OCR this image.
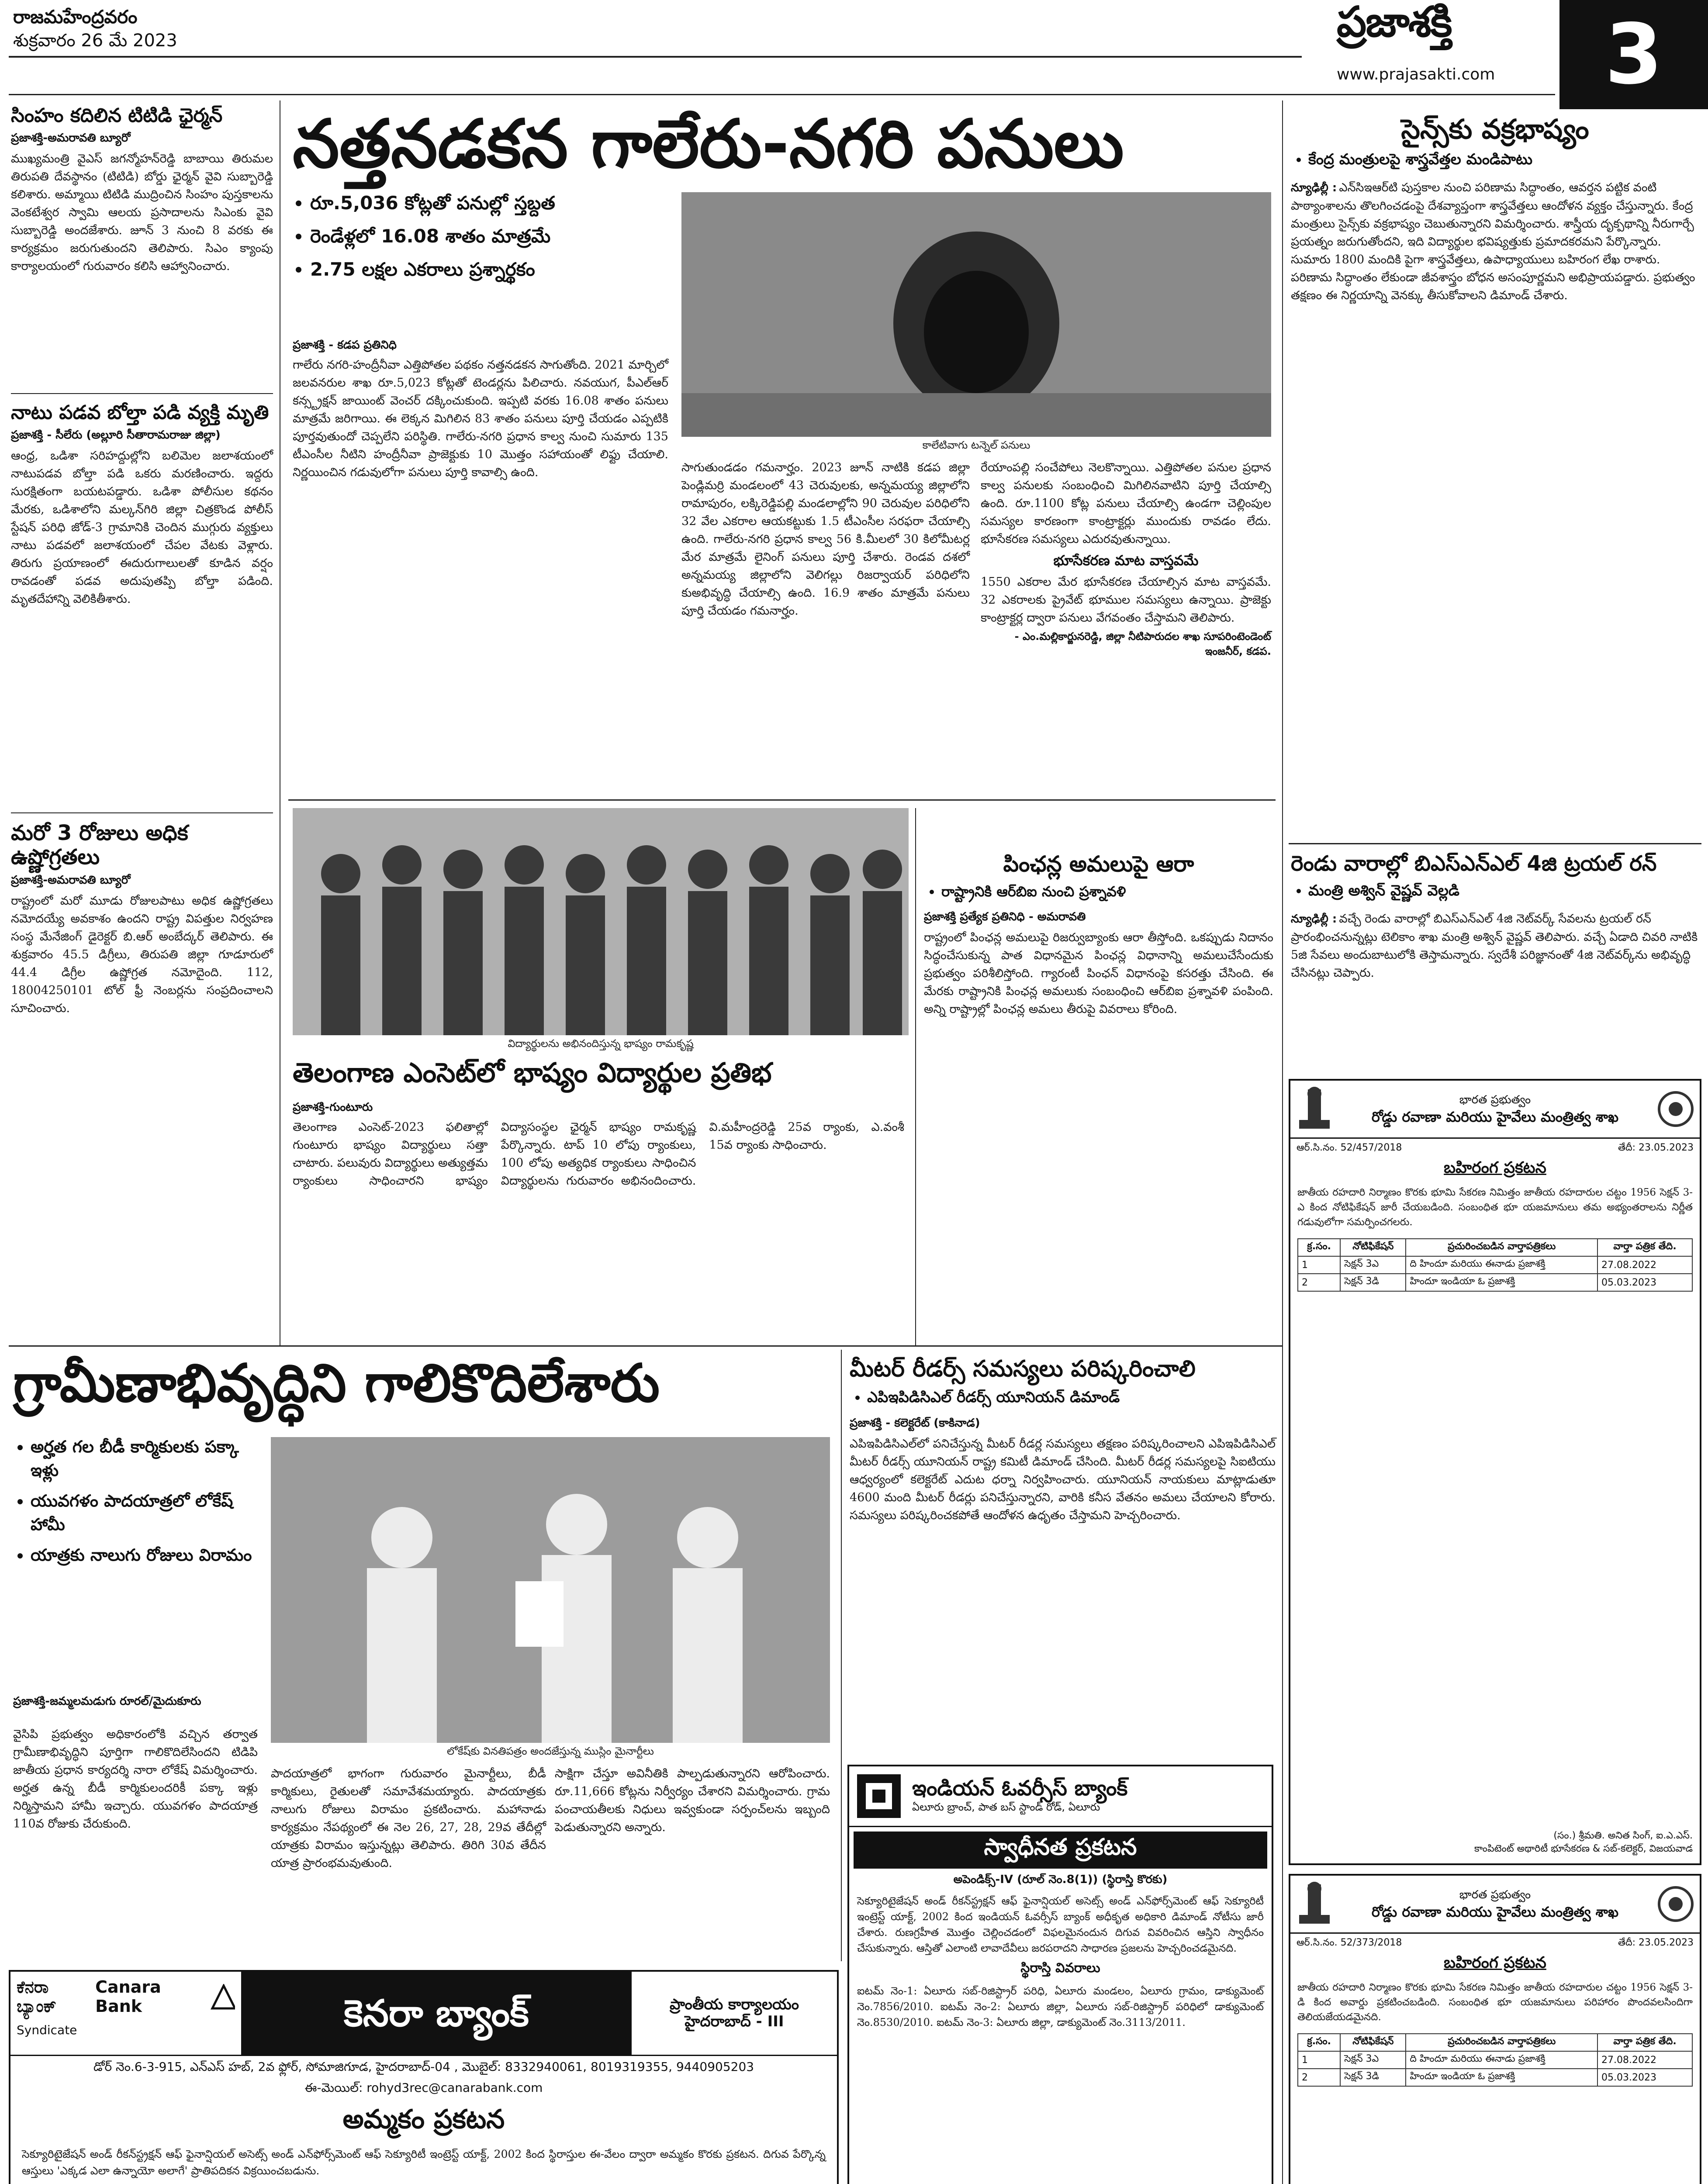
రాజమహేంద్రవరం
శుక్రవారం 26 మే 2023	ప్రజాశక్తి
www.prajasakti.com	3
సింహం కదిలిన టిటిడి ఛైర్మన్
ప్రజాశక్తి-అమరావతి బ్యూరో
ముఖ్యమంత్రి వైఎస్ జగన్మోహన్‌రెడ్డి బాబాయి తిరుమల తిరుపతి దేవస్థానం (టిటిడి) బోర్డు ఛైర్మన్ వైవి సుబ్బారెడ్డి కలిశారు. అమ్మాయి టిటిడి ముద్రించిన సింహం పుస్తకాలను వెంకటేశ్వర స్వామి ఆలయ ప్రసాదాలను సిఎంకు వైవి సుబ్బారెడ్డి అందజేశారు. జూన్ 3 నుంచి 8 వరకు ఈ కార్యక్రమం జరుగుతుందని తెలిపారు. సిఎం క్యాంపు కార్యాలయంలో గురువారం కలిసి ఆహ్వానించారు.
నాటు పడవ బోల్తా పడి వ్యక్తి మృతి
ప్రజాశక్తి - సీలేరు (అల్లూరి సీతారామరాజు జిల్లా)
ఆంధ్ర, ఒడిశా సరిహద్దుల్లోని బలిమెల జలాశయంలో నాటుపడవ బోల్తా పడి ఒకరు మరణించారు. ఇద్దరు సురక్షితంగా బయటపడ్డారు. ఒడిశా పోలీసుల కథనం మేరకు, ఒడిశాలోని మల్కన్‌గిరి జిల్లా చిత్రకొండ పోలీస్ స్టేషన్ పరిధి జోడ్-3 గ్రామానికి చెందిన ముగ్గురు వ్యక్తులు నాటు పడవలో జలాశయంలో చేపల వేటకు వెళ్లారు. తిరుగు ప్రయాణంలో ఈదురుగాలులతో కూడిన వర్షం రావడంతో పడవ అదుపుతప్పి బోల్తా పడింది. మృతదేహాన్ని వెలికితీశారు.
మరో 3 రోజులు అధిక ఉష్ణోగ్రతలు
ప్రజాశక్తి-అమరావతి బ్యూరో
రాష్ట్రంలో మరో మూడు రోజులపాటు అధిక ఉష్ణోగ్రతలు నమోదయ్యే అవకాశం ఉందని రాష్ట్ర విపత్తుల నిర్వహణ సంస్థ మేనేజింగ్ డైరెక్టర్ బి.ఆర్ అంబేద్కర్ తెలిపారు. ఈ శుక్రవారం 45.5 డిగ్రీలు, తిరుపతి జిల్లా గూడూరులో 44.4 డిగ్రీల ఉష్ణోగ్రత నమోదైంది. 112, 18004250101 టోల్ ఫ్రీ నెంబర్లను సంప్రదించాలని సూచించారు.
నత్తనడకన గాలేరు-నగరి పనులు
• రూ.5,036 కోట్లతో పనుల్లో స్తబ్దత
• రెండేళ్లలో 16.08 శాతం మాత్రమే
• 2.75 లక్షల ఎకరాలు ప్రశ్నార్థకం
కాలేటివాగు టన్నెల్ పనులు
ప్రజాశక్తి - కడప ప్రతినిధి
గాలేరు నగరి-హంద్రీనీవా ఎత్తిపోతల పథకం నత్తనడకన సాగుతోంది. 2021 మార్చిలో జలవనరుల శాఖ రూ.5,023 కోట్లతో టెండర్లను పిలిచారు. నవయుగ, పీఎల్‌ఆర్ కన్స్ట్రక్షన్ జాయింట్ వెంచర్ దక్కించుకుంది. ఇప్పటి వరకు 16.08 శాతం పనులు మాత్రమే జరిగాయి. ఈ లెక్కన మిగిలిన 83 శాతం పనులు పూర్తి చేయడం ఎప్పటికి పూర్తవుతుందో చెప్పలేని పరిస్థితి. గాలేరు-నగరి ప్రధాన కాల్వ నుంచి సుమారు 135 టీఎంసీల నీటిని హంద్రీనీవా ప్రాజెక్టుకు 10 మొత్తం సహాయంతో లిఫ్టు చేయాలి. నిర్ణయించిన గడువులోగా పనులు పూర్తి కావాల్సి ఉంది.	సాగుతుండడం గమనార్హం. 2023 జూన్ నాటికి కడప జిల్లా పెండ్లిమర్రి మండలంలో 43 చెరువులకు, అన్నమయ్య జిల్లాలోని రామాపురం, లక్కిరెడ్డిపల్లి మండలాల్లోని 90 చెరువుల పరిధిలోని 32 వేల ఎకరాల ఆయకట్టుకు 1.5 టీఎంసీల సరఫరా చేయాల్సి ఉంది. గాలేరు-నగరి ప్రధాన కాల్వ 56 కి.మీలలో 30 కిలోమీటర్ల మేర మాత్రమే లైనింగ్ పనులు పూర్తి చేశారు. రెండవ దశలో అన్నమయ్య జిల్లాలోని వెలిగల్లు రిజర్వాయర్ పరిధిలోని కుఅభివృద్ధి చేయాల్సి ఉంది. 16.9 శాతం మాత్రమే పనులు పూర్తి చేయడం గమనార్హం.
రేయాంపల్లి సంచేపోలు నెలకొన్నాయి. ఎత్తిపోతల పనుల ప్రధాన కాల్వ పనులకు సంబంధించి మిగిలినవాటిని పూర్తి చేయాల్సి ఉంది. రూ.1100 కోట్ల పనులు చేయాల్సి ఉండగా చెల్లింపుల సమస్యల కారణంగా కాంట్రాక్టర్లు ముందుకు రావడం లేదు. భూసేకరణ సమస్యలు ఎదురవుతున్నాయి.
భూసేకరణ మాట వాస్తవమే
1550 ఎకరాల మేర భూసేకరణ చేయాల్సిన మాట వాస్తవమే. 32 ఎకరాలకు ప్రైవేట్ భూముల సమస్యలు ఉన్నాయి. ప్రాజెక్టు కాంట్రాక్టర్ల ద్వారా పనులు వేగవంతం చేస్తామని తెలిపారు.
- ఎం.మల్లికార్జునరెడ్డి, జిల్లా నీటిపారుదల శాఖ సూపరింటెండెంట్ ఇంజనీర్, కడప.
విద్యార్థులను అభినందిస్తున్న భాష్యం రామకృష్ణ
తెలంగాణ ఎంసెట్‌లో భాష్యం విద్యార్థుల ప్రతిభ
ప్రజాశక్తి-గుంటూరు
తెలంగాణ ఎంసెట్-2023 ఫలితాల్లో గుంటూరు భాష్యం విద్యార్థులు సత్తా చాటారు. పలువురు విద్యార్థులు అత్యుత్తమ ర్యాంకులు సాధించారని భాష్యం విద్యాసంస్థల ఛైర్మన్ భాష్యం రామకృష్ణ పేర్కొన్నారు. టాప్ 10 లోపు ర్యాంకులు, 100 లోపు అత్యధిక ర్యాంకులు సాధించిన విద్యార్థులను గురువారం అభినందించారు. వి.మహీంద్రరెడ్డి 25వ ర్యాంకు, ఎ.వంశీ 15వ ర్యాంకు సాధించారు.
పింఛన్ల అమలుపై ఆరా
• రాష్ట్రానికి ఆర్‌బిఐ నుంచి ప్రశ్నావళి
ప్రజాశక్తి ప్రత్యేక ప్రతినిధి - అమరావతి
రాష్ట్రంలో పింఛన్ల అమలుపై రిజర్వుబ్యాంకు ఆరా తీస్తోంది. ఒకప్పుడు నిదానం సిద్ధంచేసుకున్న పాత విధానమైన పింఛన్ల విధానాన్ని అమలుచేసేందుకు ప్రభుత్వం పరిశీలిస్తోంది. గ్యారంటీ పింఛన్ విధానంపై కసరత్తు చేసింది. ఈ మేరకు రాష్ట్రానికి పింఛన్ల అమలుకు సంబంధించి ఆర్‌బిఐ ప్రశ్నావళి పంపింది. అన్ని రాష్ట్రాల్లో పింఛన్ల అమలు తీరుపై వివరాలు కోరింది.
గ్రామీణాభివృద్ధిని గాలికొదిలేశారు
• అర్హత గల బీడీ కార్మికులకు పక్కా ఇళ్లు
• యువగళం పాదయాత్రలో లోకేష్ హామీ
• యాత్రకు నాలుగు రోజులు విరామం
లోకేష్‌కు వినతిపత్రం అందజేస్తున్న ముస్లిం మైనార్టీలు
ప్రజాశక్తి-జమ్మలమడుగు రూరల్/మైదుకూరు
వైసిపి ప్రభుత్వం అధికారంలోకి వచ్చిన తర్వాత గ్రామీణాభివృద్ధిని పూర్తిగా గాలికొదిలేసిందని టిడిపి జాతీయ ప్రధాన కార్యదర్శి నారా లోకేష్ విమర్శించారు. అర్హత ఉన్న బీడీ కార్మికులందరికీ పక్కా ఇళ్లు నిర్మిస్తామని హామీ ఇచ్చారు. యువగళం పాదయాత్ర 110వ రోజుకు చేరుకుంది.
పాదయాత్రలో భాగంగా గురువారం మైనార్టీలు, బీడీ కార్మికులు, రైతులతో సమావేశమయ్యారు. పాదయాత్రకు నాలుగు రోజులు విరామం ప్రకటించారు. మహానాడు కార్యక్రమం నేపథ్యంలో ఈ నెల 26, 27, 28, 29వ తేదీల్లో యాత్రకు విరామం ఇస్తున్నట్లు తెలిపారు. తిరిగి 30వ తేదీన యాత్ర ప్రారంభమవుతుంది.
సాక్షిగా చేస్తూ అవినీతికి పాల్పడుతున్నారని ఆరోపించారు. రూ.11,666 కోట్లను నిర్వీర్యం చేశారని విమర్శించారు. గ్రామ పంచాయతీలకు నిధులు ఇవ్వకుండా సర్పంచ్‌లను ఇబ్బంది పెడుతున్నారని అన్నారు.
మీటర్ రీడర్స్ సమస్యలు పరిష్కరించాలి
• ఎపిఇపిడిసిఎల్ రీడర్స్ యూనియన్ డిమాండ్
ప్రజాశక్తి - కలెక్టరేట్ (కాకినాడ)
ఎపిఇపిడిసిఎల్‌లో పనిచేస్తున్న మీటర్ రీడర్ల సమస్యలు తక్షణం పరిష్కరించాలని ఎపిఇపిడిసిఎల్ మీటర్ రీడర్స్ యూనియన్ రాష్ట్ర కమిటీ డిమాండ్ చేసింది. మీటర్ రీడర్ల సమస్యలపై సిఐటియు ఆధ్వర్యంలో కలెక్టరేట్ ఎదుట ధర్నా నిర్వహించారు. యూనియన్ నాయకులు మాట్లాడుతూ 4600 మంది మీటర్ రీడర్లు పనిచేస్తున్నారని, వారికి కనీస వేతనం అమలు చేయాలని కోరారు. సమస్యలు పరిష్కరించకపోతే ఆందోళన ఉధృతం చేస్తామని హెచ్చరించారు.
ఇండియన్ ఓవర్సీస్ బ్యాంక్
ఏలూరు బ్రాంచ్, పాత బస్ స్టాండ్ రోడ్, ఏలూరు
స్వాధీనత ప్రకటన
అపెండిక్స్-IV (రూల్ నెం.8(1)) (స్థిరాస్తి కొరకు)
సెక్యూరిటైజేషన్ అండ్ రీకన్‌స్ట్రక్షన్ ఆఫ్ ఫైనాన్షియల్ అసెట్స్ అండ్ ఎన్‌ఫోర్స్‌మెంట్ ఆఫ్ సెక్యూరిటీ ఇంట్రెస్ట్ యాక్ట్, 2002 కింద ఇండియన్ ఓవర్సీస్ బ్యాంక్ అధీకృత అధికారి డిమాండ్ నోటీసు జారీ చేశారు. రుణగ్రహీత మొత్తం చెల్లించడంలో విఫలమైనందున దిగువ వివరించిన ఆస్తిని స్వాధీనం చేసుకున్నారు. ఆస్తితో ఎలాంటి లావాదేవీలు జరపరాదని సాధారణ ప్రజలను హెచ్చరించడమైనది.
స్థిరాస్తి వివరాలు
ఐటమ్ నెం-1: ఏలూరు సబ్-రిజిస్ట్రార్ పరిధి, ఏలూరు మండలం, ఏలూరు గ్రామం, డాక్యుమెంట్ నెం.7856/2010. ఐటమ్ నెం-2: ఏలూరు జిల్లా, ఏలూరు సబ్-రిజిస్ట్రార్ పరిధిలో డాక్యుమెంట్ నెం.8530/2010. ఐటమ్ నెం-3: ఏలూరు జిల్లా, డాక్యుమెంట్ నెం.3113/2011.
ಕೆನರಾ ಬ್ಯಾಂಕ್
Canara Bank
Syndicate	కెనరా బ్యాంక్	ప్రాంతీయ కార్యాలయం హైదరాబాద్ - III
డోర్ నెం.6-3-915, ఎన్‌ఎస్ హబ్, 2వ ఫ్లోర్, సోమాజిగూడ, హైదరాబాద్-04 , మొబైల్: 8332940061, 8019319355, 9440905203
ఈ-మెయిల్: rohyd3rec@canarabank.com
అమ్మకం ప్రకటన
సెక్యూరిటైజేషన్ అండ్ రీకన్‌స్ట్రక్షన్ ఆఫ్ ఫైనాన్షియల్ అసెట్స్ అండ్ ఎన్‌ఫోర్స్‌మెంట్ ఆఫ్ సెక్యూరిటీ ఇంట్రెస్ట్ యాక్ట్, 2002 కింద స్థిరాస్తుల ఈ-వేలం ద్వారా అమ్మకం కొరకు ప్రకటన. దిగువ పేర్కొన్న ఆస్తులు 'ఎక్కడ ఎలా ఉన్నాయో అలాగే' ప్రాతిపదికన విక్రయించబడును.
సైన్స్‌కు వక్రభాష్యం
• కేంద్ర మంత్రులపై శాస్త్రవేత్తల మండిపాటు
న్యూఢిల్లీ : ఎన్‌సిఇఆర్‌టి పుస్తకాల నుంచి పరిణామ సిద్ధాంతం, ఆవర్తన పట్టిక వంటి పాఠ్యాంశాలను తొలగించడంపై దేశవ్యాప్తంగా శాస్త్రవేత్తలు ఆందోళన వ్యక్తం చేస్తున్నారు. కేంద్ర మంత్రులు సైన్స్‌కు వక్రభాష్యం చెబుతున్నారని విమర్శించారు. శాస్త్రీయ దృక్పథాన్ని నీరుగార్చే ప్రయత్నం జరుగుతోందని, ఇది విద్యార్థుల భవిష్యత్తుకు ప్రమాదకరమని పేర్కొన్నారు. సుమారు 1800 మందికి పైగా శాస్త్రవేత్తలు, ఉపాధ్యాయులు బహిరంగ లేఖ రాశారు. పరిణామ సిద్ధాంతం లేకుండా జీవశాస్త్రం బోధన అసంపూర్ణమని అభిప్రాయపడ్డారు. ప్రభుత్వం తక్షణం ఈ నిర్ణయాన్ని వెనక్కు తీసుకోవాలని డిమాండ్ చేశారు.
రెండు వారాల్లో బిఎస్‌ఎన్‌ఎల్ 4జి ట్రయల్ రన్
• మంత్రి అశ్విన్ వైష్ణవ్ వెల్లడి
న్యూఢిల్లీ : వచ్చే రెండు వారాల్లో బిఎస్‌ఎన్‌ఎల్ 4జి నెట్‌వర్క్ సేవలను ట్రయల్ రన్ ప్రారంభించనున్నట్లు టెలికాం శాఖ మంత్రి అశ్విన్ వైష్ణవ్ తెలిపారు. వచ్చే ఏడాది చివరి నాటికి 5జి సేవలు అందుబాటులోకి తెస్తామన్నారు. స్వదేశీ పరిజ్ఞానంతో 4జి నెట్‌వర్క్‌ను అభివృద్ధి చేసినట్లు చెప్పారు.
భారత ప్రభుత్వం
రోడ్డు రవాణా మరియు హైవేలు మంత్రిత్వ శాఖ
ఆర్.సి.నం. 52/457/2018	తేదీ: 23.05.2023
బహిరంగ ప్రకటన
జాతీయ రహదారి నిర్మాణం కొరకు భూమి సేకరణ నిమిత్తం జాతీయ రహదారుల చట్టం 1956 సెక్షన్ 3-ఎ కింద నోటిఫికేషన్ జారీ చేయబడింది. సంబంధిత భూ యజమానులు తమ అభ్యంతరాలను నిర్ణీత గడువులోగా సమర్పించగలరు.
క్ర.సం.	నోటిఫికేషన్	ప్రచురించబడిన వార్తాపత్రికలు	వార్తా పత్రిక తేది.
1	సెక్షన్ 3ఎ	ది హిందూ మరియు ఈనాడు ప్రజాశక్తి	27.08.2022
2	సెక్షన్ 3డి	హిందూ ఇండియా ఓ ప్రజాశక్తి	05.03.2023
(సం.) శ్రీమతి. అనిత సింగ్, ఐ.ఎ.ఎస్.
కాంపిటెంట్ అథారిటీ భూసేకరణ & సబ్-కలెక్టర్, విజయవాడ
భారత ప్రభుత్వం
రోడ్డు రవాణా మరియు హైవేలు మంత్రిత్వ శాఖ
ఆర్.సి.నం. 52/373/2018	తేదీ: 23.05.2023
బహిరంగ ప్రకటన
జాతీయ రహదారి నిర్మాణం కొరకు భూమి సేకరణ నిమిత్తం జాతీయ రహదారుల చట్టం 1956 సెక్షన్ 3-డి కింద అవార్డు ప్రకటించబడింది. సంబంధిత భూ యజమానులు పరిహారం పొందవలసిందిగా తెలియజేయడమైనది.
క్ర.సం.	నోటిఫికేషన్	ప్రచురించబడిన వార్తాపత్రికలు	వార్తా పత్రిక తేది.
1	సెక్షన్ 3ఎ	ది హిందూ మరియు ఈనాడు ప్రజాశక్తి	27.08.2022
2	సెక్షన్ 3డి	హిందూ ఇండియా ఓ ప్రజాశక్తి	05.03.2023
